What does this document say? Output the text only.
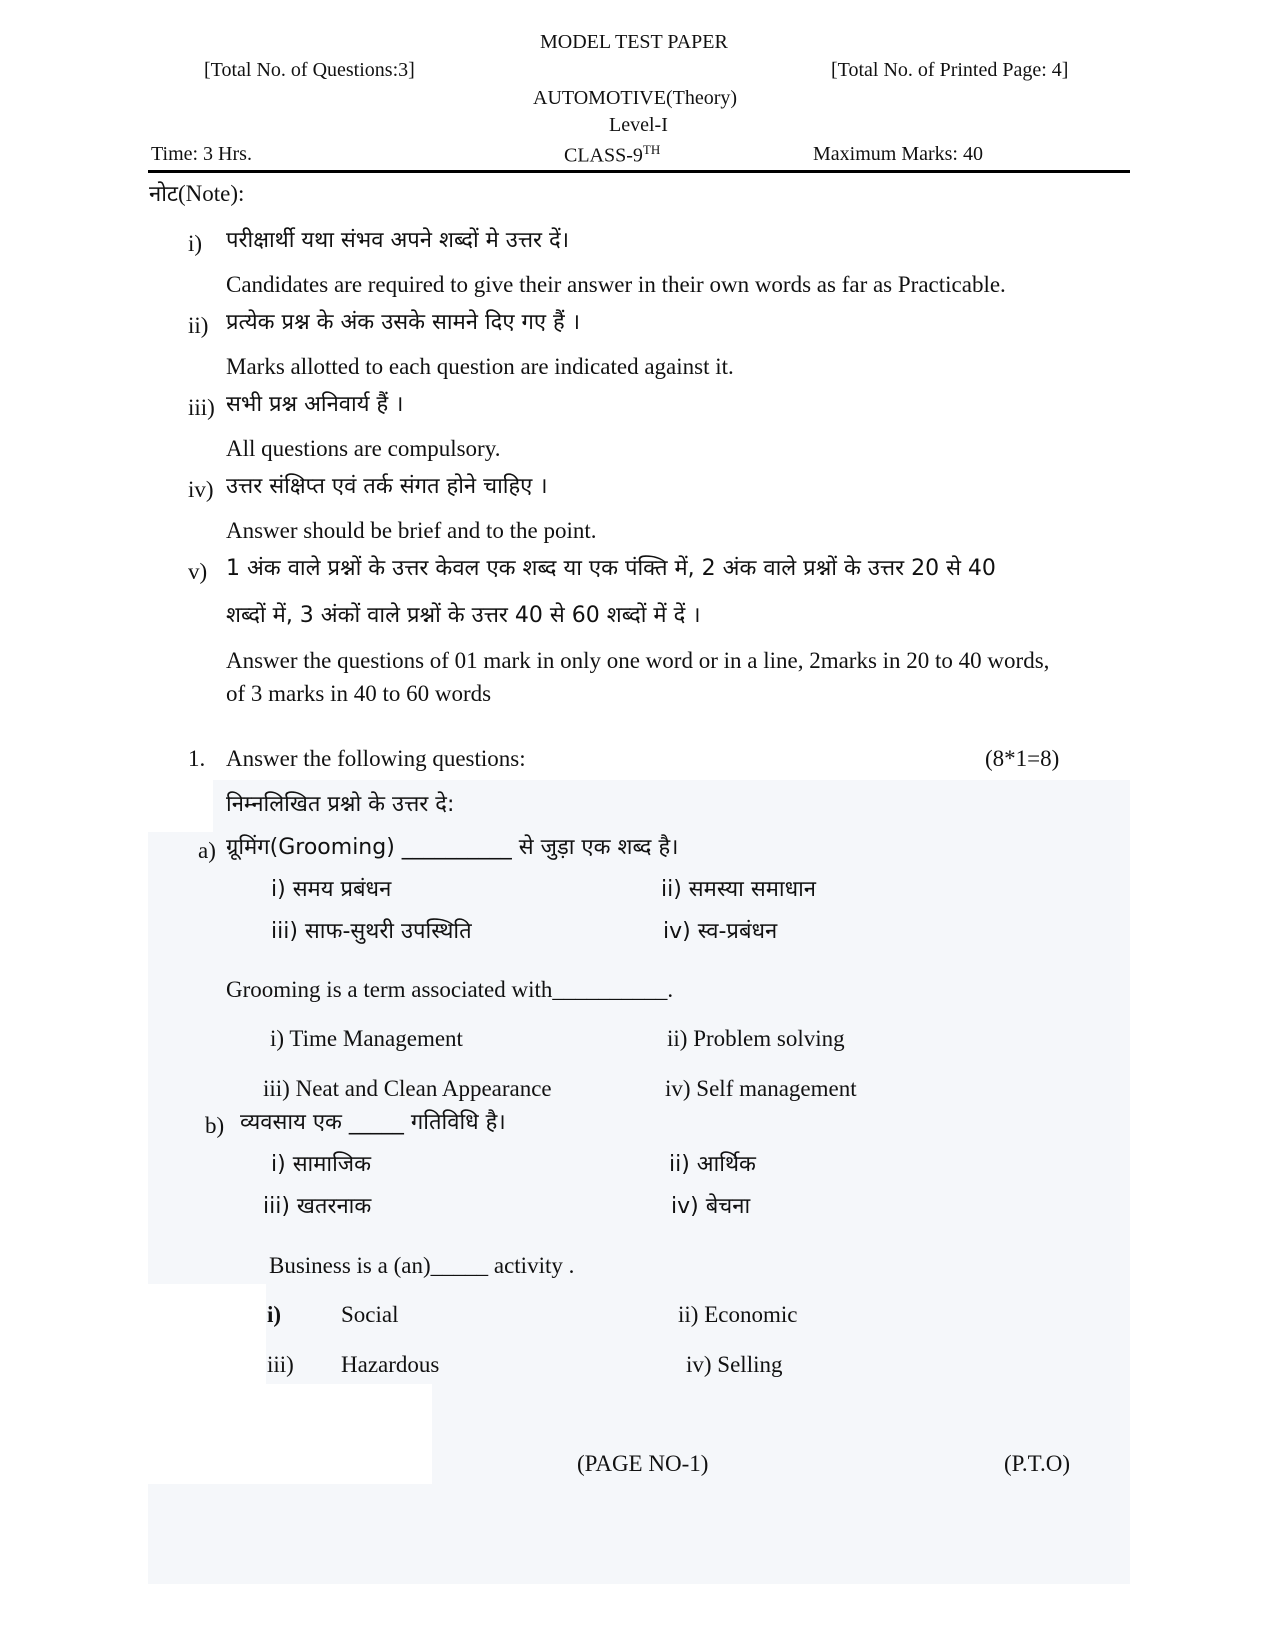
MODEL TEST PAPER
[Total No. of Questions:3]	[Total No. of Printed Page: 4]
AUTOMOTIVE(Theory)
Level-I
Time: 3 Hrs.	CLASS-9TH	Maximum Marks: 40
नोट(Note):
i) परीक्षार्थी यथा संभव अपने शब्दों मे उत्तर दें।
Candidates are required to give their answer in their own words as far as Practicable.
ii) प्रत्येक प्रश्न के अंक उसके सामने दिए गए हैं ।
Marks allotted to each question are indicated against it.
iii) सभी प्रश्न अनिवार्य हैं ।
All questions are compulsory.
iv) उत्तर संक्षिप्त एवं तर्क संगत होने चाहिए ।
Answer should be brief and to the point.
v) 1 अंक वाले प्रश्नों के उत्तर केवल एक शब्द या एक पंक्ति में, 2 अंक वाले प्रश्नों के उत्तर 20 से 40
शब्दों में, 3 अंकों वाले प्रश्नों के उत्तर 40 से 60 शब्दों में दें ।
Answer the questions of 01 mark in only one word or in a line, 2marks in 20 to 40 words,
of 3 marks in 40 to 60 words
1. Answer the following questions:	(8*1=8)
निम्नलिखित प्रश्नो के उत्तर दे:
a) ग्रूमिंग(Grooming) __________ से जुड़ा एक शब्द है।
i) समय प्रबंधन	ii) समस्या समाधान
iii) साफ-सुथरी उपस्थिति	iv) स्व-प्रबंधन
Grooming is a term associated with__________.
i) Time Management	ii) Problem solving
iii) Neat and Clean Appearance	iv) Self management
b) व्यवसाय एक _____ गतिविधि है।
i) सामाजिक	ii) आर्थिक
iii) खतरनाक	iv) बेचना
Business is a (an)_____ activity .
i)	Social	ii) Economic
iii) Hazardous	iv) Selling
(PAGE NO-1)	(P.T.O)
